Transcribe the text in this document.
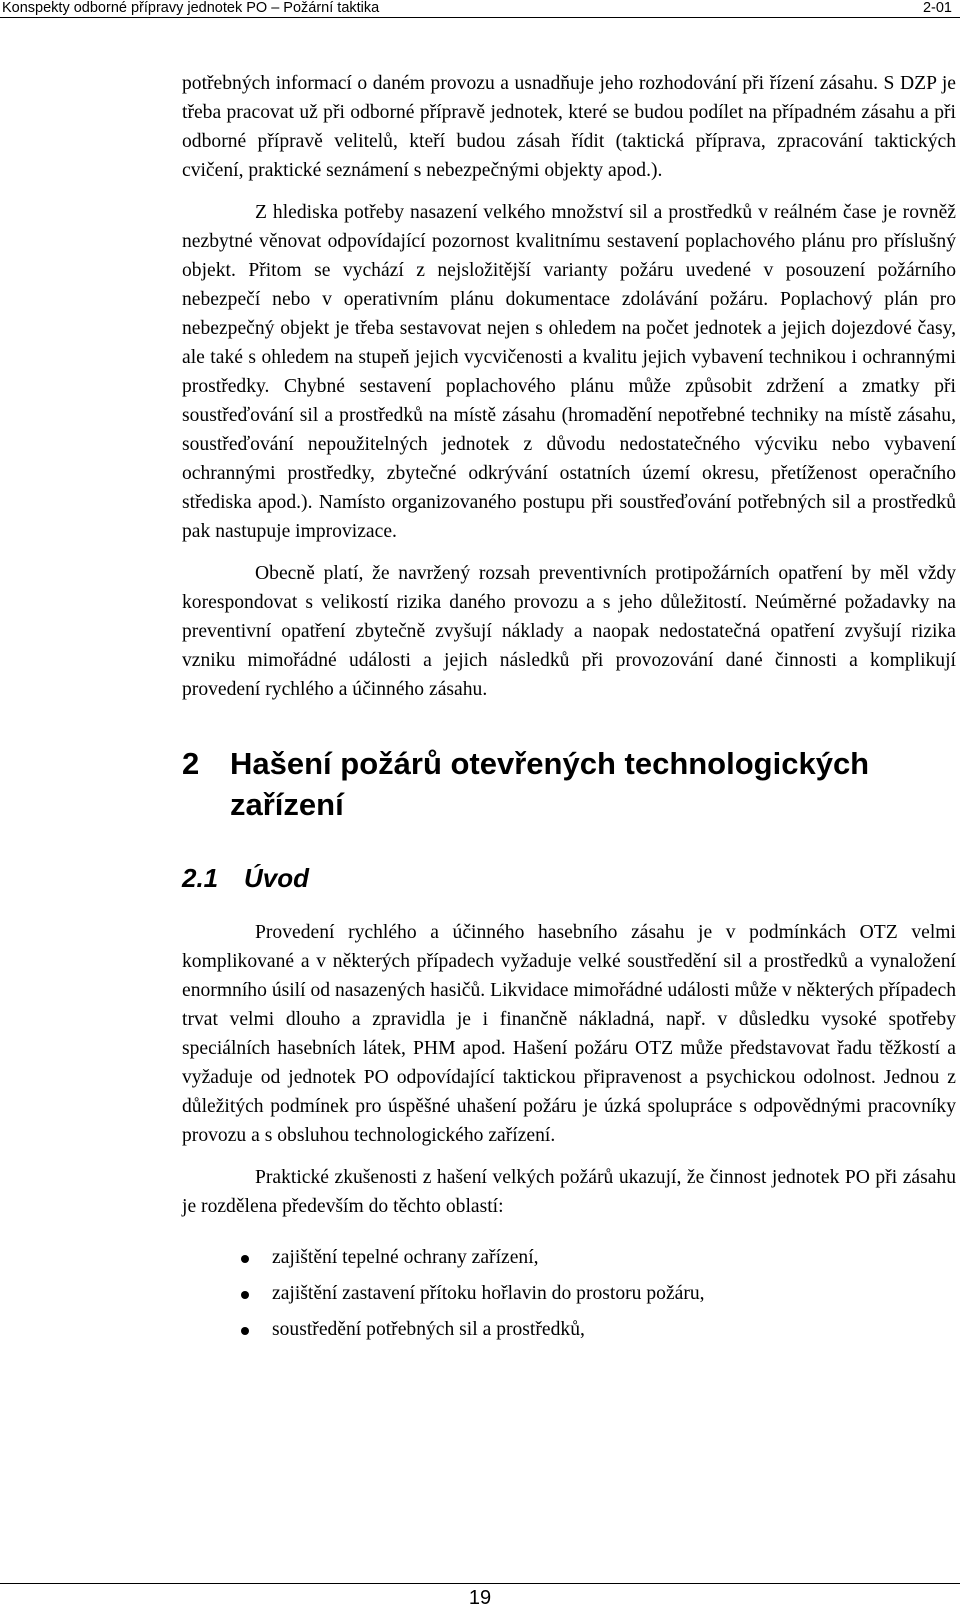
Konspekty odborné přípravy jednotek PO – Požární taktika	2-01

potřebných informací o daném provozu a usnadňuje jeho rozhodování při řízení zásahu. S DZP je třeba pracovat už při odborné přípravě jednotek, které se budou podílet na případném zásahu a při odborné přípravě velitelů, kteří budou zásah řídit (taktická příprava, zpracování taktických cvičení, praktické seznámení s nebezpečnými objekty apod.).

Z hlediska potřeby nasazení velkého množství sil a prostředků v reálném čase je rovněž nezbytné věnovat odpovídající pozornost kvalitnímu sestavení poplachového plánu pro příslušný objekt. Přitom se vychází z nejsložitější varianty požáru uvedené v posouzení požárního nebezpečí nebo v operativním plánu dokumentace zdolávání požáru. Poplachový plán pro nebezpečný objekt je třeba sestavovat nejen s ohledem na počet jednotek a jejich dojezdové časy, ale také s ohledem na stupeň jejich vycvičenosti a kvalitu jejich vybavení technikou i ochrannými prostředky. Chybné sestavení poplachového plánu může způsobit zdržení a zmatky při soustřeďování sil a prostředků na místě zásahu (hromadění nepotřebné techniky na místě zásahu, soustřeďování nepoužitelných jednotek z důvodu nedostatečného výcviku nebo vybavení ochrannými prostředky, zbytečné odkrývání ostatních území okresu, přetíženost operačního střediska apod.). Namísto organizovaného postupu při soustřeďování potřebných sil a prostředků pak nastupuje improvizace.

Obecně platí, že navržený rozsah preventivních protipožárních opatření by měl vždy korespondovat s velikostí rizika daného provozu a s jeho důležitostí. Neúměrné požadavky na preventivní opatření zbytečně zvyšují náklady a naopak nedostatečná opatření zvyšují rizika vzniku mimořádné události a jejich následků při provozování dané činnosti a komplikují provedení rychlého a účinného zásahu.

2 Hašení požárů otevřených technologických zařízení
2.1 Úvod

Provedení rychlého a účinného hasebního zásahu je v podmínkách OTZ velmi komplikované a v některých případech vyžaduje velké soustředění sil a prostředků a vynaložení enormního úsilí od nasazených hasičů. Likvidace mimořádné události může v některých případech trvat velmi dlouho a zpravidla je i finančně nákladná, např. v důsledku vysoké spotřeby speciálních hasebních látek, PHM apod. Hašení požáru OTZ může představovat řadu těžkostí a vyžaduje od jednotek PO odpovídající taktickou připravenost a psychickou odolnost. Jednou z důležitých podmínek pro úspěšné uhašení požáru je úzká spolupráce s odpovědnými pracovníky provozu a s obsluhou technologického zařízení.

Praktické zkušenosti z hašení velkých požárů ukazují, že činnost jednotek PO při zásahu je rozdělena především do těchto oblastí:

zajištění tepelné ochrany zařízení,
zajištění zastavení přítoku hořlavin do prostoru požáru,
soustředění potřebných sil a prostředků,
19
